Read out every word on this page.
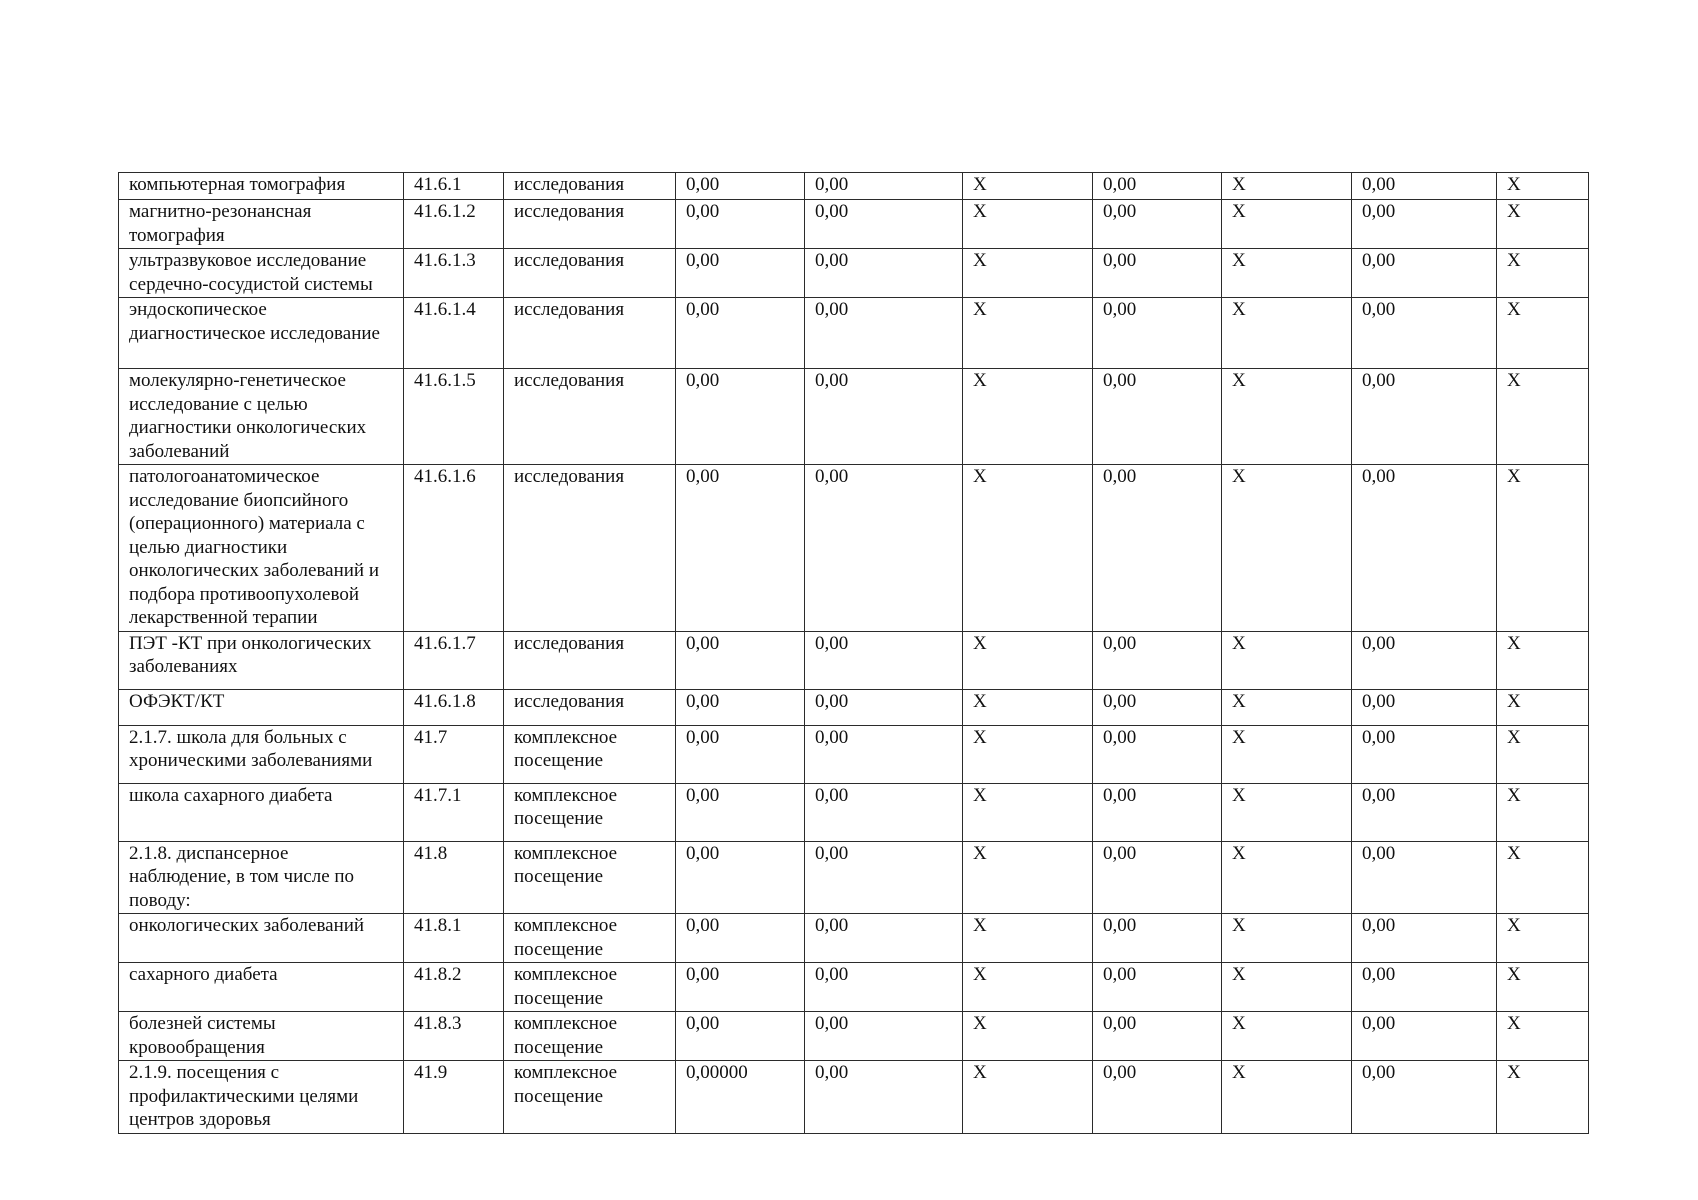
компьютерная томография	41.6.1	исследования	0,00	0,00	X	0,00	X	0,00	X
магнитно-резонансная томография	41.6.1.2	исследования	0,00	0,00	X	0,00	X	0,00	X
ультразвуковое исследование сердечно-сосудистой системы	41.6.1.3	исследования	0,00	0,00	X	0,00	X	0,00	X
эндоскопическое диагностическое исследование	41.6.1.4	исследования	0,00	0,00	X	0,00	X	0,00	X
молекулярно-генетическое исследование с целью диагностики онкологических заболеваний	41.6.1.5	исследования	0,00	0,00	X	0,00	X	0,00	X
патологоанатомическое исследование биопсийного (операционного) материала с целью диагностики онкологических заболеваний и подбора противоопухолевой лекарственной терапии	41.6.1.6	исследования	0,00	0,00	X	0,00	X	0,00	X
ПЭТ -КТ при онкологических заболеваниях	41.6.1.7	исследования	0,00	0,00	X	0,00	X	0,00	X
ОФЭКТ/КТ	41.6.1.8	исследования	0,00	0,00	X	0,00	X	0,00	X
2.1.7. школа для больных с хроническими заболеваниями	41.7	комплексное посещение	0,00	0,00	X	0,00	X	0,00	X
школа сахарного диабета	41.7.1	комплексное посещение	0,00	0,00	X	0,00	X	0,00	X
2.1.8. диспансерное наблюдение, в том числе по поводу:	41.8	комплексное посещение	0,00	0,00	X	0,00	X	0,00	X
онкологических заболеваний	41.8.1	комплексное посещение	0,00	0,00	X	0,00	X	0,00	X
сахарного диабета	41.8.2	комплексное посещение	0,00	0,00	X	0,00	X	0,00	X
болезней системы кровообращения	41.8.3	комплексное посещение	0,00	0,00	X	0,00	X	0,00	X
2.1.9. посещения с профилактическими целями центров здоровья	41.9	комплексное посещение	0,00000	0,00	X	0,00	X	0,00	X
